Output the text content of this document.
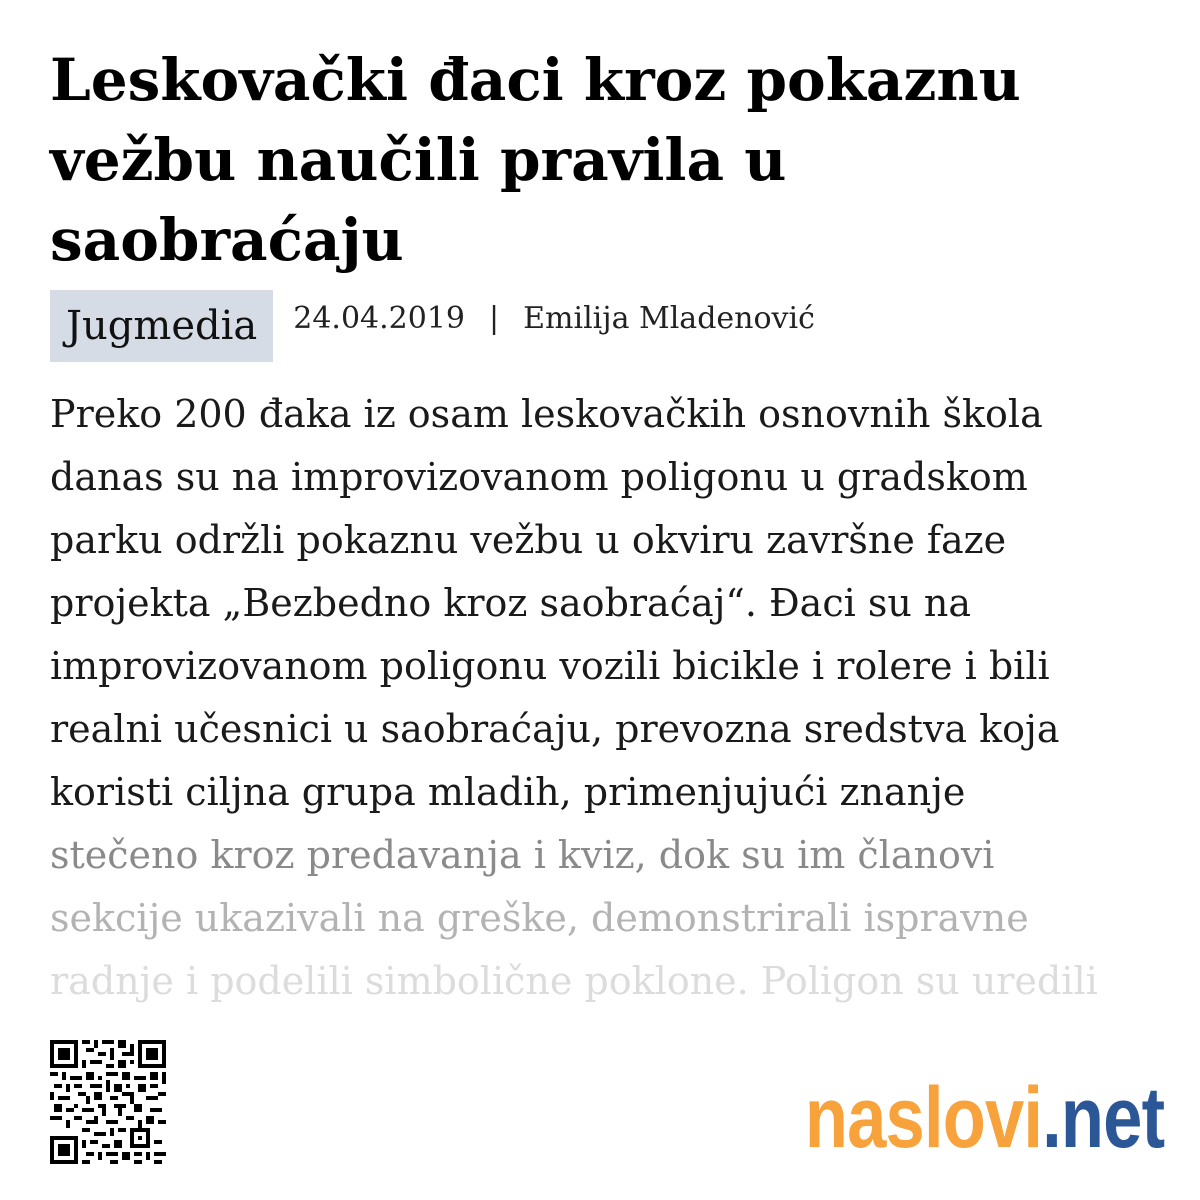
Leskovački đaci kroz pokaznu vežbu naučili pravila u saobraćaju
Jugmedia	24.04.2019 | Emilija Mladenović
Preko 200 đaka iz osam leskovačkih osnovnih škola
danas su na improvizovanom poligonu u gradskom
parku održli pokaznu vežbu u okviru završne faze
projekta „Bezbedno kroz saobraćaj“. Đaci su na
improvizovanom poligonu vozili bicikle i rolere i bili
realni učesnici u saobraćaju, prevozna sredstva koja
koristi ciljna grupa mladih, primenjujući znanje
stečeno kroz predavanja i kviz, dok su im članovi
sekcije ukazivali na greške, demonstrirali ispravne
radnje i podelili simbolične poklone. Poligon su uredili
naslovi .net
